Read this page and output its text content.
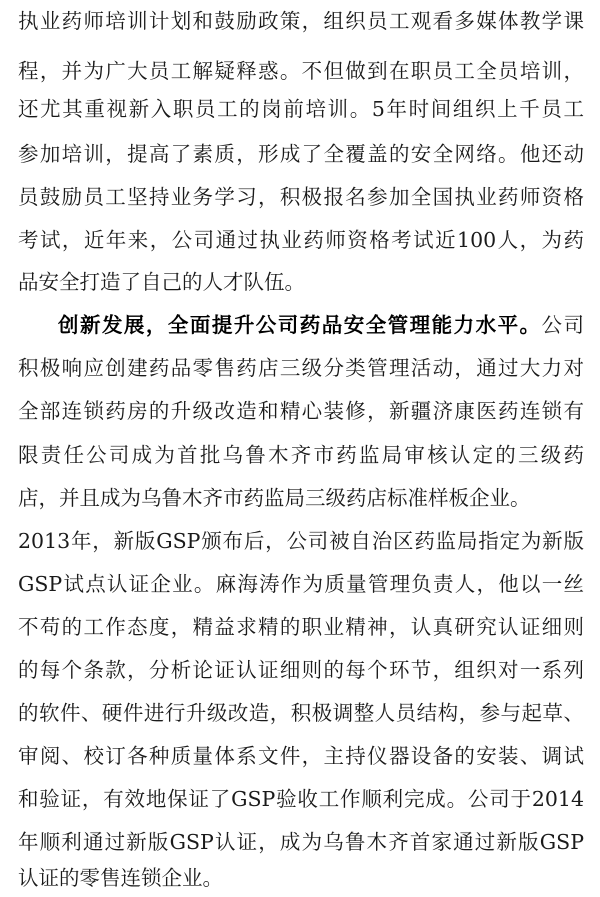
执业药师培训计划和鼓励政策，组织员工观看多媒体教学课
程，并为广大员工解疑释惑。不但做到在职员工全员培训，
还尤其重视新入职员工的岗前培训。5年时间组织上千员工
参加培训，提高了素质，形成了全覆盖的安全网络。他还动
员鼓励员工坚持业务学习，积极报名参加全国执业药师资格
考试，近年来，公司通过执业药师资格考试近100人，为药
品安全打造了自己的人才队伍。
创新发展，全面提升公司药品安全管理能力水平。公司
积极响应创建药品零售药店三级分类管理活动，通过大力对
全部连锁药房的升级改造和精心装修，新疆济康医药连锁有
限责任公司成为首批乌鲁木齐市药监局审核认定的三级药
店，并且成为乌鲁木齐市药监局三级药店标准样板企业。
2013年，新版GSP颁布后，公司被自治区药监局指定为新版
GSP试点认证企业。麻海涛作为质量管理负责人，他以一丝
不苟的工作态度，精益求精的职业精神，认真研究认证细则
的每个条款，分析论证认证细则的每个环节，组织对一系列
的软件、硬件进行升级改造，积极调整人员结构，参与起草、
审阅、校订各种质量体系文件，主持仪器设备的安装、调试
和验证，有效地保证了GSP验收工作顺利完成。公司于2014
年顺利通过新版GSP认证，成为乌鲁木齐首家通过新版GSP
认证的零售连锁企业。
